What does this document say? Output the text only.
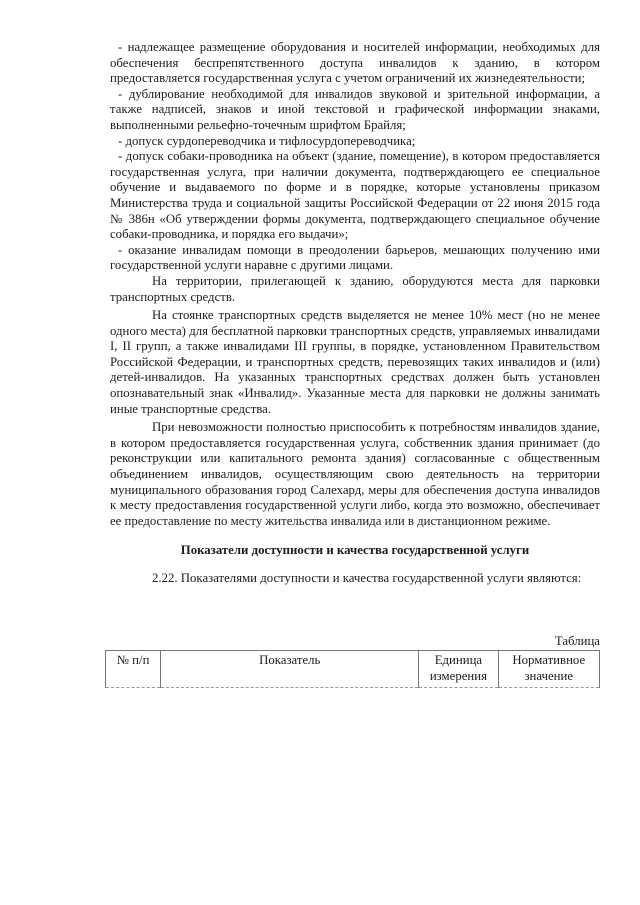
- надлежащее размещение оборудования и носителей информации, необходимых для обеспечения беспрепятственного доступа инвалидов к зданию, в котором предоставляется государственная услуга с учетом ограничений их жизнедеятельности;

- дублирование необходимой для инвалидов звуковой и зрительной информации, а также надписей, знаков и иной текстовой и графической информации знаками, выполненными рельефно-точечным шрифтом Брайля;

- допуск сурдопереводчика и тифлосурдопереводчика;

- допуск собаки-проводника на объект (здание, помещение), в котором предоставляется государственная услуга, при наличии документа, подтверждающего ее специальное обучение и выдаваемого по форме и в порядке, которые установлены приказом Министерства труда и социальной защиты Российской Федерации от 22 июня 2015 года № 386н «Об утверждении формы документа, подтверждающего специальное обучение собаки-проводника, и порядка его выдачи»;

- оказание инвалидам помощи в преодолении барьеров, мешающих получению ими государственной услуги наравне с другими лицами.

На территории, прилегающей к зданию, оборудуются места для парковки транспортных средств.

На стоянке транспортных средств выделяется не менее 10% мест (но не менее одного места) для бесплатной парковки транспортных средств, управляемых инвалидами I, II групп, а также инвалидами III группы, в порядке, установленном Правительством Российской Федерации, и транспортных средств, перевозящих таких инвалидов и (или) детей-инвалидов. На указанных транспортных средствах должен быть установлен опознавательный знак «Инвалид». Указанные места для парковки не должны занимать иные транспортные средства.

При невозможности полностью приспособить к потребностям инвалидов здание, в котором предоставляется государственная услуга, собственник здания принимает (до реконструкции или капитального ремонта здания) согласованные с общественным объединением инвалидов, осуществляющим свою деятельность на территории муниципального образования город Салехард, меры для обеспечения доступа инвалидов к месту предоставления государственной услуги либо, когда это возможно, обеспечивает ее предоставление по месту жительства инвалида или в дистанционном режиме.

Показатели доступности и качества государственной услуги

2.22. Показателями доступности и качества государственной услуги являются:

Таблица
№ п/п	Показатель	Единица измерения	Нормативное значение
